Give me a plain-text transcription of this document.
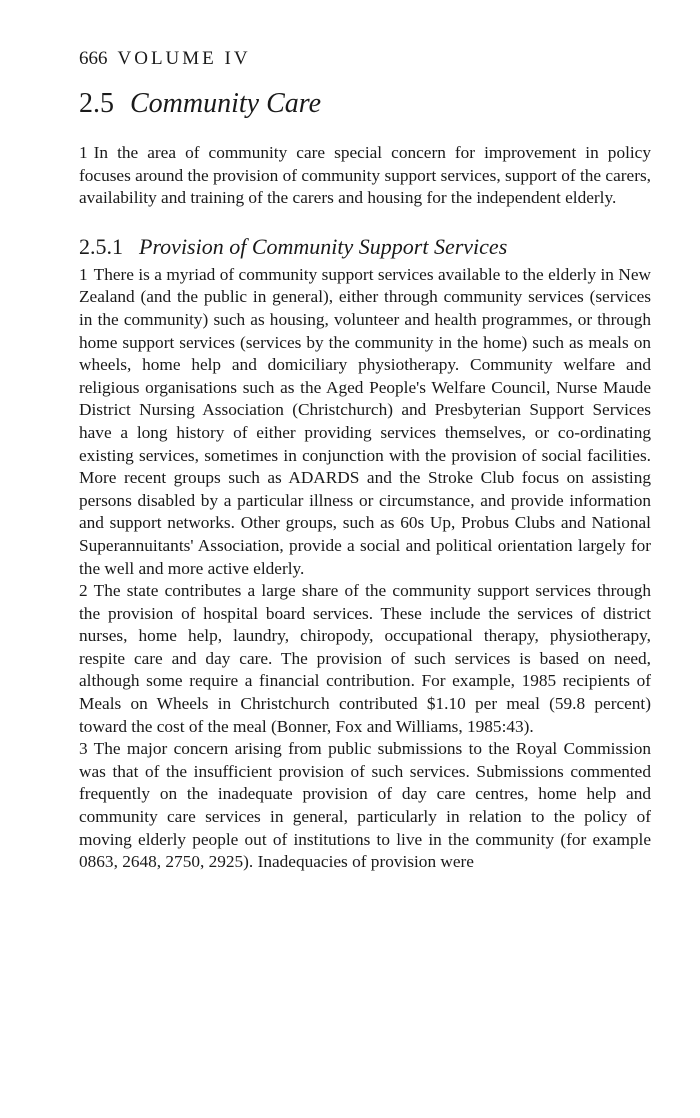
666 VOLUME IV
2.5 Community Care

1 In the area of community care special concern for improvement in policy focuses around the provision of community support services, support of the carers, availability and training of the carers and housing for the independent elderly.

2.5.1 Provision of Community Support Services

1 There is a myriad of community support services available to the elderly in New Zealand (and the public in general), either through community services (services in the community) such as housing, volunteer and health programmes, or through home support services (services by the community in the home) such as meals on wheels, home help and domiciliary physiotherapy. Community welfare and religious organisations such as the Aged People's Welfare Council, Nurse Maude District Nursing Association (Christchurch) and Presbyterian Support Services have a long history of either providing services themselves, or co-ordinating existing services, sometimes in conjunction with the provision of social facilities. More recent groups such as ADARDS and the Stroke Club focus on assisting persons disabled by a particular illness or circumstance, and provide information and support networks. Other groups, such as 60s Up, Probus Clubs and National Superannuitants' Association, provide a social and political orientation largely for the well and more active elderly.

2 The state contributes a large share of the community support services through the provision of hospital board services. These include the services of district nurses, home help, laundry, chiropody, occupational therapy, physiotherapy, respite care and day care. The provision of such services is based on need, although some require a financial contribution. For example, 1985 recipients of Meals on Wheels in Christchurch contributed $1.10 per meal (59.8 percent) toward the cost of the meal (Bonner, Fox and Williams, 1985:43).

3 The major concern arising from public submissions to the Royal Commission was that of the insufficient provision of such services. Submissions commented frequently on the inadequate provision of day care centres, home help and community care services in general, particularly in relation to the policy of moving elderly people out of institutions to live in the community (for example 0863, 2648, 2750, 2925). Inadequacies of provision were
